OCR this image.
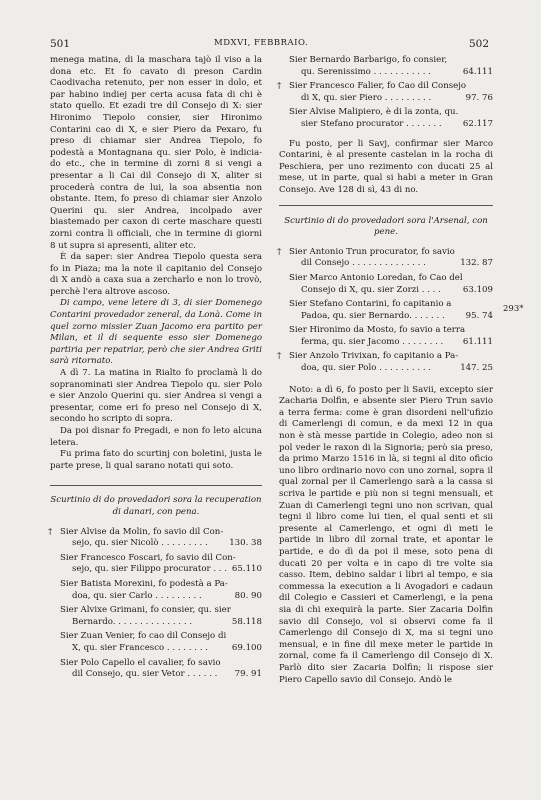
501	MDXVI, FEBBRAIO.	502

menega matina, di la maschara tajò il viso a la dona etc. Et fo cavato di preson Cardin Caodivacha retenuto, per non esser in dolo, et par habino indiej per certa acusa fata di chi è stato quello. Et ezadi tre dil Consejo di X: sier Hironimo Tiepolo consier, sier Hironimo Contarini cao di X, e sier Piero da Pexaro, fu preso di chiamar sier Andrea Tiepolo, fo podestà a Montagnana qu. sier Polo, è indicia-do etc., che in termine di zorni 8 si vengi a presentar a li Cai dil Consejo di X, aliter si procederà contra de lui, la soa absentia non obstante. Item, fo preso di chiamar sier Anzolo Querini qu. sier Andrea, incolpado aver biastemado per caxon di certe maschare questi zorni contra li officiali, che in termine di giorni 8 ut supra si apresenti, aliter etc.

È da saper: sier Andrea Tiepolo questa sera fo in Piaza; ma la note il capitanio del Consejo di X andò a caxa sua a zercharlo e non lo trovò, perchè l'era altrove ascoso.

Di campo, vene letere di 3, di sier Domenego Contarini provedador zeneral, da Lonà. Come in quel zorno missier Zuan Jacomo era partito per Milan, et il di sequente esso sier Domenego partiria per repatriar, però che sier Andrea Griti sarà ritornato.

A dì 7. La matina in Rialto fo proclamà li do sopranominati sier Andrea Tiepolo qu. sier Polo e sier Anzolo Querini qu. sier Andrea si vengi a presentar, come eri fo preso nel Consejo di X, secondo ho scripto di sopra.

Da poi disnar fo Pregadi, e non fo leto alcuna letera.

Fu prima fato do scurtinj con boletini, justa le parte prese, li qual sarano notati qui soto.

Scurtinio di do provedadori sora la recuperation di danari, con pena.
† Sier Alvise da Molin, fo savio dil Con-
sejo, qu. sier Nicolò . . . . . . . . .	130. 38
Sier Francesco Foscari, fo savio dil Con-
sejo, qu. sier Filippo procurator . . . 65.110
Sier Batista Morexini, fo podestà a Pa-
doa, qu. sier Carlo . . . . . . . . .	80. 90
Sier Alvixe Grimani, fo consier, qu. sier
Bernardo. . . . . . . . . . . . . . .	58.118
Sier Zuan Venier, fo cao dil Consejo di
X, qu. sier Francesco . . . . . . . .	69.100
Sier Polo Capello el cavalier, fo savio
dil Consejo, qu. sier Vetor . . . . . .	79. 91
Sier Bernardo Barbarigo, fo consier,
qu. Serenissimo . . . . . . . . . . .	64.111
† Sier Francesco Falier, fo Cao dil Consejo
di X, qu. sier Piero . . . . . . . . .	97. 76
Sier Alvise Malipiero, è di la zonta, qu.
sier Stefano procurator . . . . . . .	62.117

Fu posto, per li Savj, confirmar sier Marco Contarini, è al presente castelan in la rocha di Peschiera, per uno rezimento con ducati 25 al mese, ut in parte, qual si habi a meter in Gran Consejo. Ave 128 di sì, 43 di no.

Scurtinio di do provedadori sora l'Arsenal, con pene.
† Sier Antonio Trun procurator, fo savio
dil Consejo . . . . . . . . . . . . . .	132. 87
Sier Marco Antonio Loredan, fo Cao del
Consejo di X, qu. sier Zorzi . . . .	63.109
Sier Stefano Contarini, fo capitanio a
Padoa, qu. sier Bernardo. . . . . . .	95. 74
Sier Hironimo da Mosto, fo savio a terra
ferma, qu. sier Jacomo . . . . . . . .	61.111
† Sier Anzolo Trivixan, fo capitanio a Pa-
doa, qu. sier Polo . . . . . . . . . .	147. 25

Noto: a dì 6, fo posto per li Savii, excepto sier Zacharia Dolfin, e absente sier Piero Trun savio a terra ferma: come è gran disordeni nell'ufizio di Camerlengi di comun, e da mexi 12 in qua non è stà messe partide in Colegio, adeo non si pol veder le raxon di la Signoria; però sia preso, da primo Marzo 1516 in là, si tegni al dito oficio uno libro ordinario novo con uno zornal, sopra il qual zornal per il Camerlengo sarà a la cassa si scriva le partide e più non si tegni mensuali, et Zuan di Camerlengi tegni uno non scrivan, qual tegni il libro come lui tien, el qual senti et sii presente al Camerlengo, et ogni dì meti le partide in libro dil zornal trate, et apontar le partide, e do dì da poi il mese, soto pena di ducati 20 per volta e in capo di tre volte sia casso. Item, debino saldar i libri al tempo, e sia commessa la execution a li Avogadori e cadaun dil Colegio e Cassieri et Camerlengi, e la pena sia di chi exequirà la parte. Sier Zacaria Dolfin savio dil Consejo, vol si observi come fa il Camerlengo dil Consejo di X, ma si tegni uno mensual, e in fine dil mexe meter le partide in zornal, come fa il Camerlengo dil Consejo di X. Parlò dito sier Zacaria Dolfin; li rispose sier Piero Capello savio dil Consejo. Andò le

293*
